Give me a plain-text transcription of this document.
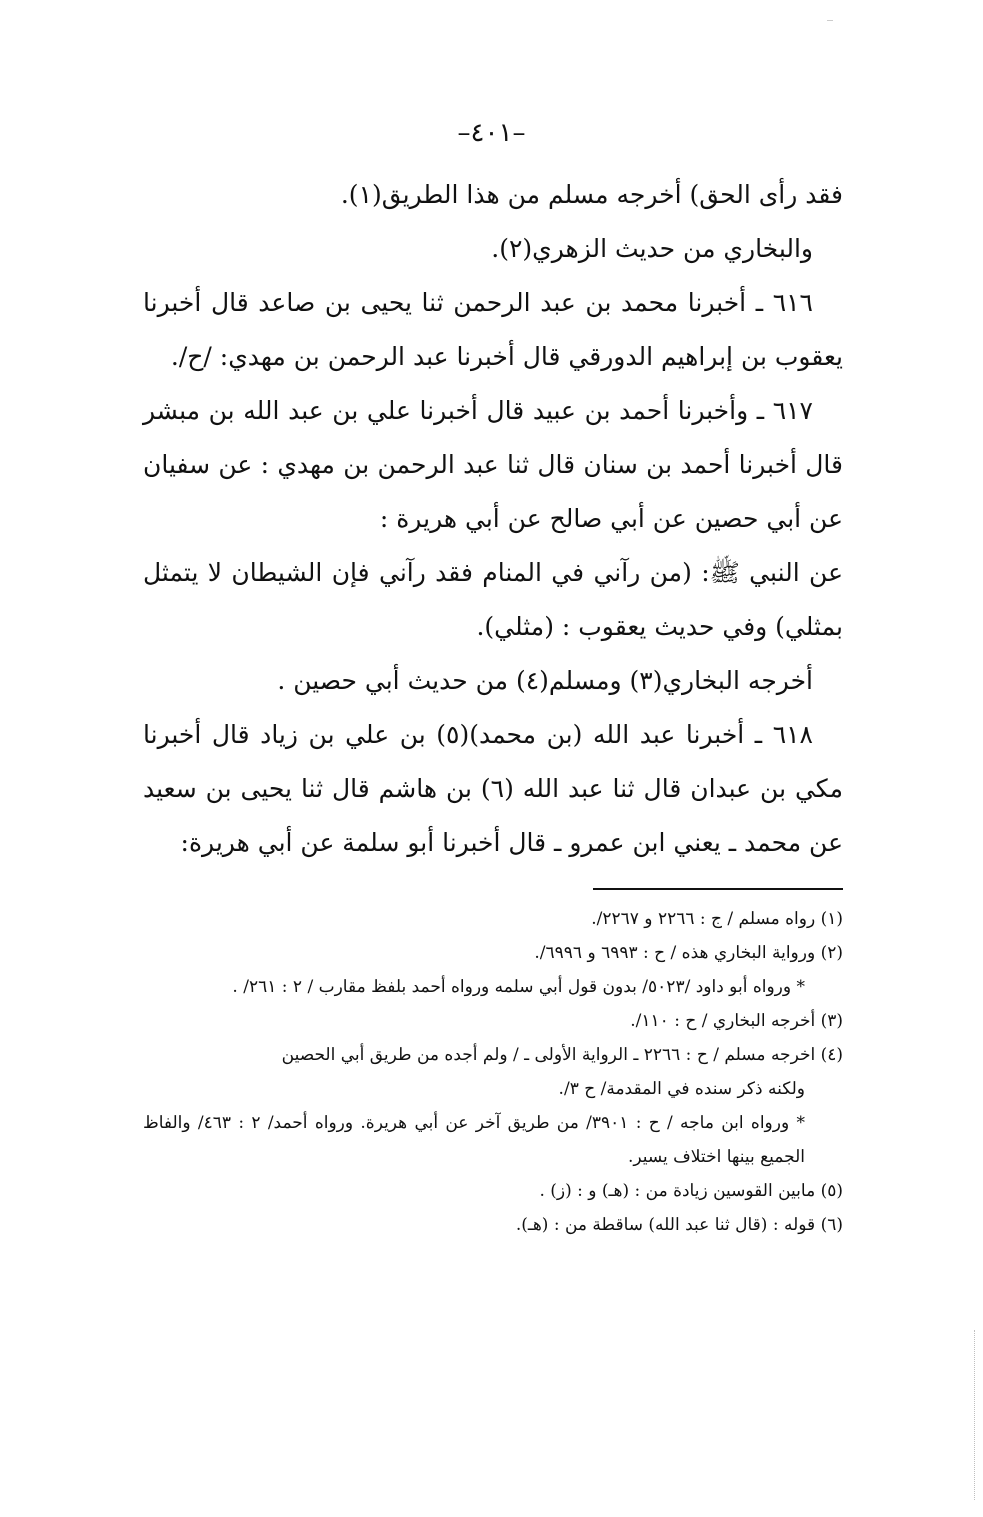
–٤٠١–

فقد رأى الحق) أخرجه مسلم من هذا الطريق(١).

والبخاري من حديث الزهري(٢).

٦١٦ ـ أخبرنا محمد بن عبد الرحمن ثنا يحيى بن صاعد قال أخبرنا يعقوب بن إبراهيم الدورقي قال أخبرنا عبد الرحمن بن مهدي: /ح/.

٦١٧ ـ وأخبرنا أحمد بن عبيد قال أخبرنا علي بن عبد الله بن مبشر قال أخبرنا أحمد بن سنان قال ثنا عبد الرحمن بن مهدي : عن سفيان عن أبي حصين عن أبي صالح عن أبي هريرة :

عن النبي ﷺ: (من رآني في المنام فقد رآني فإن الشيطان لا يتمثل بمثلي) وفي حديث يعقوب : (مثلي).

أخرجه البخاري(٣) ومسلم(٤) من حديث أبي حصين .

٦١٨ ـ أخبرنا عبد الله (بن محمد)(٥) بن علي بن زياد قال أخبرنا مكي بن عبدان قال ثنا عبد الله (٦) بن هاشم قال ثنا يحيى بن سعيد عن محمد ـ يعني ابن عمرو ـ قال أخبرنا أبو سلمة عن أبي هريرة:

(١) رواه مسلم / ج : ٢٢٦٦ و ٢٢٦٧/.

(٢) ورواية البخاري هذه / ح : ٦٩٩٣ و ٦٩٩٦/.

* ورواه أبو داود /٥٠٢٣/ بدون قول أبي سلمه ورواه أحمد بلفظ مقارب / ٢ : ٢٦١/ .

(٣) أخرجه البخاري / ح : ١١٠/.

(٤) اخرجه مسلم / ح : ٢٢٦٦ ـ الرواية الأولى ـ / ولم أجده من طريق أبي الحصين

ولكنه ذكر سنده في المقدمة/ ح ٣/.

* ورواه ابن ماجه / ح : ٣٩٠١/ من طريق آخر عن أبي هريرة. ورواه أحمد/ ٢ : ٤٦٣/ والفاظ الجميع بينها اختلاف يسير.

(٥) مابين القوسين زيادة من : (هـ) و : (ز) .

(٦) قوله : (قال ثنا عبد الله) ساقطة من : (هـ).
